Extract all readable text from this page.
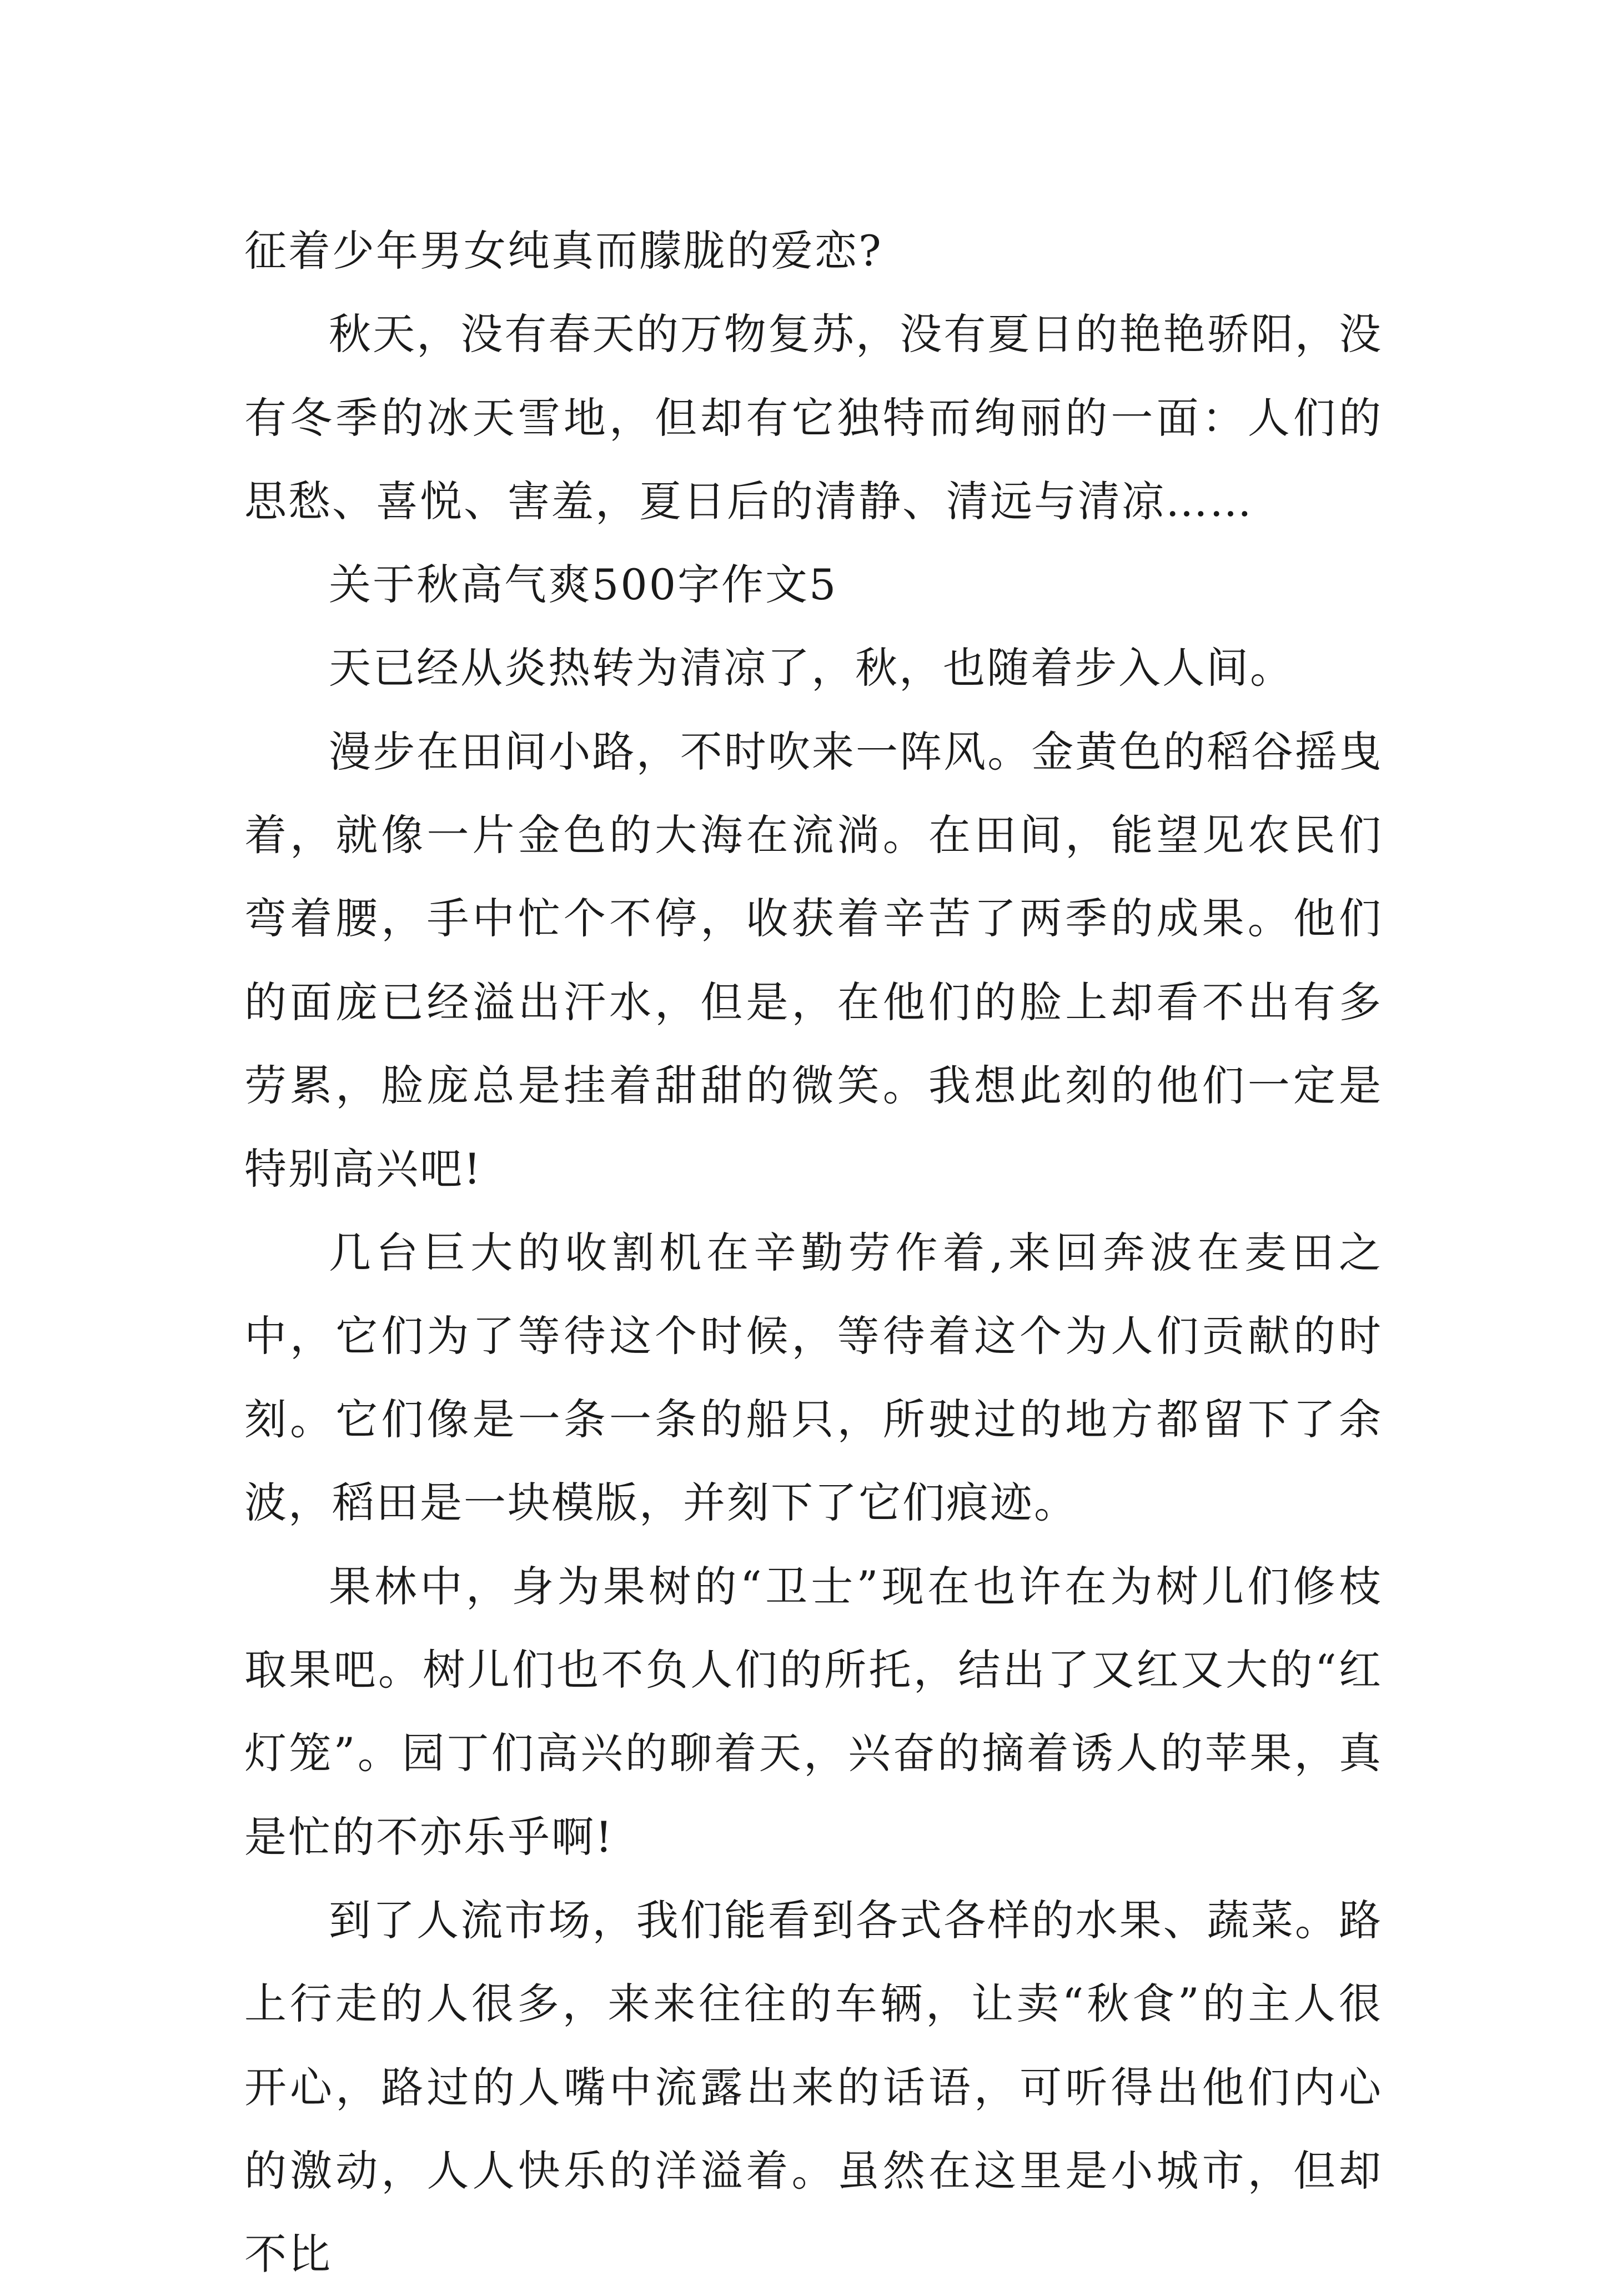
征着少年男女纯真而朦胧的爱恋?

秋天，没有春天的万物复苏，没有夏日的艳艳骄阳，没有冬季的冰天雪地，但却有它独特而绚丽的一面：人们的思愁、喜悦、害羞，夏日后的清静、清远与清凉……

关于秋高气爽500字作文5

天已经从炎热转为清凉了，秋，也随着步入人间。

漫步在田间小路，不时吹来一阵风。金黄色的稻谷摇曳着，就像一片金色的大海在流淌。在田间，能望见农民们弯着腰，手中忙个不停，收获着辛苦了两季的成果。他们的面庞已经溢出汗水，但是，在他们的脸上却看不出有多劳累，脸庞总是挂着甜甜的微笑。我想此刻的他们一定是特别高兴吧!

几台巨大的收割机在辛勤劳作着,来回奔波在麦田之中，它们为了等待这个时候，等待着这个为人们贡献的时刻。它们像是一条一条的船只，所驶过的地方都留下了余波，稻田是一块模版，并刻下了它们痕迹。

果林中，身为果树的“卫士”现在也许在为树儿们修枝取果吧。树儿们也不负人们的所托，结出了又红又大的“红灯笼”。园丁们高兴的聊着天，兴奋的摘着诱人的苹果，真是忙的不亦乐乎啊!

到了人流市场，我们能看到各式各样的水果、蔬菜。路上行走的人很多，来来往往的车辆，让卖“秋食”的主人很开心，路过的人嘴中流露出来的话语，可听得出他们内心的激动，人人快乐的洋溢着。虽然在这里是小城市，但却不比
